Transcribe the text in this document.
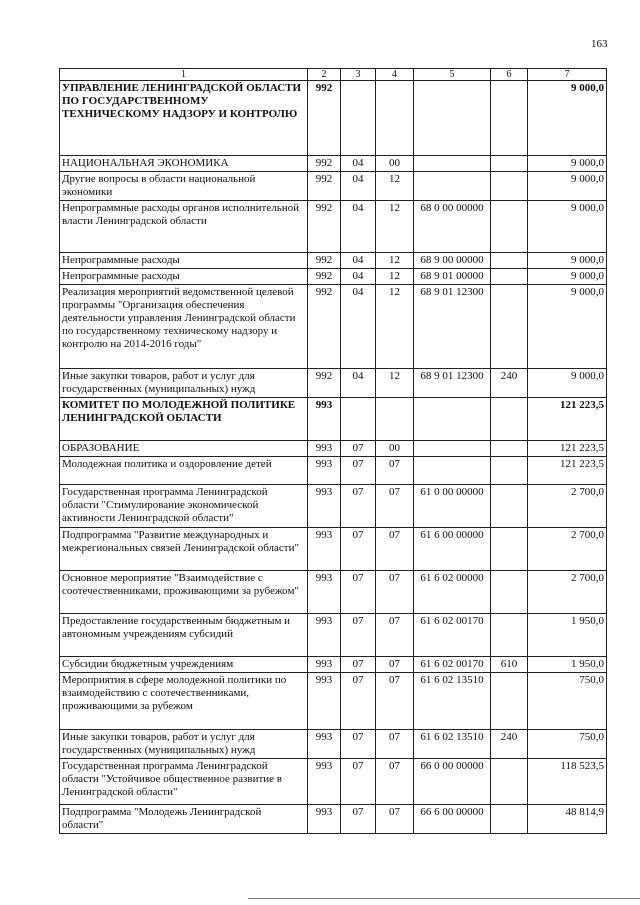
163
1	2	3	4	5	6	7
УПРАВЛЕНИЕ ЛЕНИНГРАДСКОЙ ОБЛАСТИ ПО ГОСУДАРСТВЕННОМУ ТЕХНИЧЕСКОМУ НАДЗОРУ И КОНТРОЛЮ	992					9 000,0
НАЦИОНАЛЬНАЯ ЭКОНОМИКА	992	04	00			9 000,0
Другие вопросы в области национальной экономики	992	04	12			9 000,0
Непрограммные расходы органов исполнительной власти Ленинградской области	992	04	12	68 0 00 00000		9 000,0
Непрограммные расходы	992	04	12	68 9 00 00000		9 000,0
Непрограммные расходы	992	04	12	68 9 01 00000		9 000,0
Реализация мероприятий ведомственной целевой программы "Организация обеспечения деятельности управления Ленинградской области по государственному техническому надзору и контролю на 2014-2016 годы"	992	04	12	68 9 01 12300		9 000,0
Иные закупки товаров, работ и услуг для государственных (муниципальных) нужд	992	04	12	68 9 01 12300	240	9 000,0
КОМИТЕТ ПО МОЛОДЕЖНОЙ ПОЛИТИКЕ ЛЕНИНГРАДСКОЙ ОБЛАСТИ	993					121 223,5
ОБРАЗОВАНИЕ	993	07	00			121 223,5
Молодежная политика и оздоровление детей	993	07	07			121 223,5
Государственная программа Ленинградской области "Стимулирование экономической активности Ленинградской области"	993	07	07	61 0 00 00000		2 700,0
Подпрограмма "Развитие международных и межрегиональных связей Ленинградской области"	993	07	07	61 6 00 00000		2 700,0
Основное мероприятие "Взаимодействие с соотечественниками, проживающими за рубежом"	993	07	07	61 6 02 00000		2 700,0
Предоставление государственным бюджетным и автономным учреждениям субсидий	993	07	07	61 6 02 00170		1 950,0
Субсидии бюджетным учреждениям	993	07	07	61 6 02 00170	610	1 950,0
Мероприятия в сфере молодежной политики по взаимодействию с соотечественниками, проживающими за рубежом	993	07	07	61 6 02 13510		750,0
Иные закупки товаров, работ и услуг для государственных (муниципальных) нужд	993	07	07	61 6 02 13510	240	750,0
Государственная программа Ленинградской области "Устойчивое общественное развитие в Ленинградской области"	993	07	07	66 0 00 00000		118 523,5
Подпрограмма "Молодежь Ленинградской области"	993	07	07	66 6 00 00000		48 814,9
